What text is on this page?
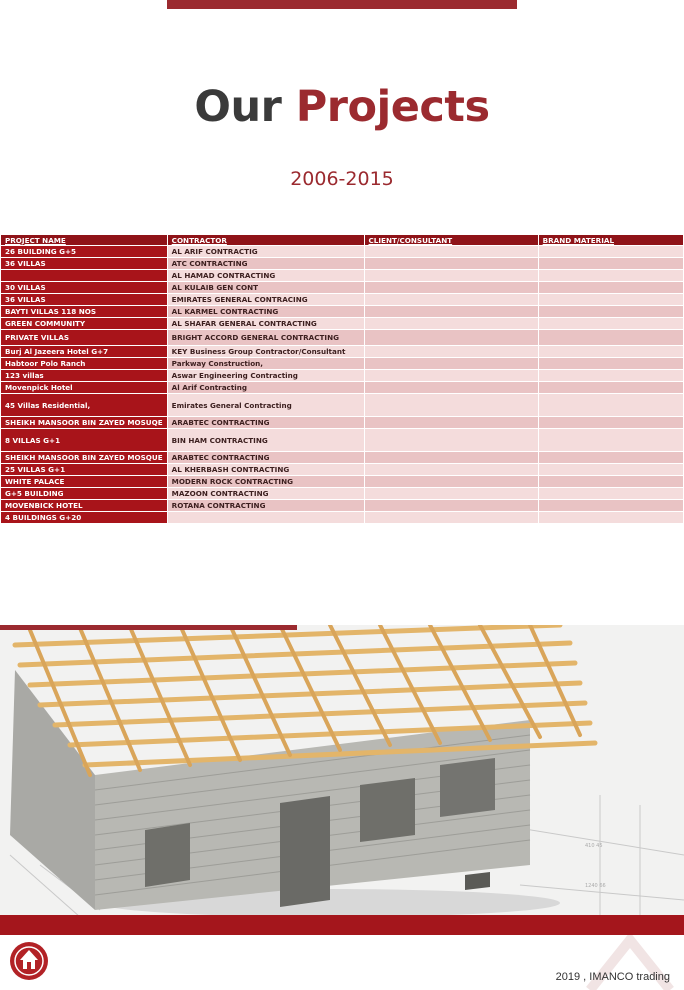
Our Projects
2006-2015
PROJECT NAME	CONTRACTOR	CLIENT/CONSULTANT	BRAND MATERIAL
26 BUILDING G+5	AL ARIF CONTRACTIG		
36 VILLAS	ATC CONTRACTING		
	AL HAMAD CONTRACTING		
30 VILLAS	AL KULAIB GEN CONT		
36 VILLAS	EMIRATES GENERAL CONTRACING		
BAYTI VILLAS 118 NOS	AL KARMEL CONTRACTING		
GREEN COMMUNITY	AL SHAFAR GENERAL CONTRACTING		
PRIVATE VILLAS	BRIGHT ACCORD GENERAL CONTRACTING		
Burj Al Jazeera Hotel G+7	KEY Business Group Contractor/Consultant		
Habtoor Polo Ranch	Parkway Construction,		
123 villas	Aswar Engineering Contracting		
Movenpick Hotel	Al Arif Contracting		
45 Villas Residential,	Emirates General Contracting		
SHEIKH MANSOOR BIN ZAYED MOSUQE	ARABTEC CONTRACTING		
8 VILLAS G+1	BIN HAM CONTRACTING		
SHEIKH MANSOOR BIN ZAYED MOSQUE	ARABTEC CONTRACTING		
25 VILLAS G+1	AL KHERBASH CONTRACTING		
WHITE PALACE	MODERN ROCK CONTRACTING		
G+5 BUILDING	MAZOON CONTRACTING		
MOVENBICK HOTEL	ROTANA CONTRACTING		
4 BUILDINGS G+20			
410 45
1240 66
2019 , IMANCO trading
